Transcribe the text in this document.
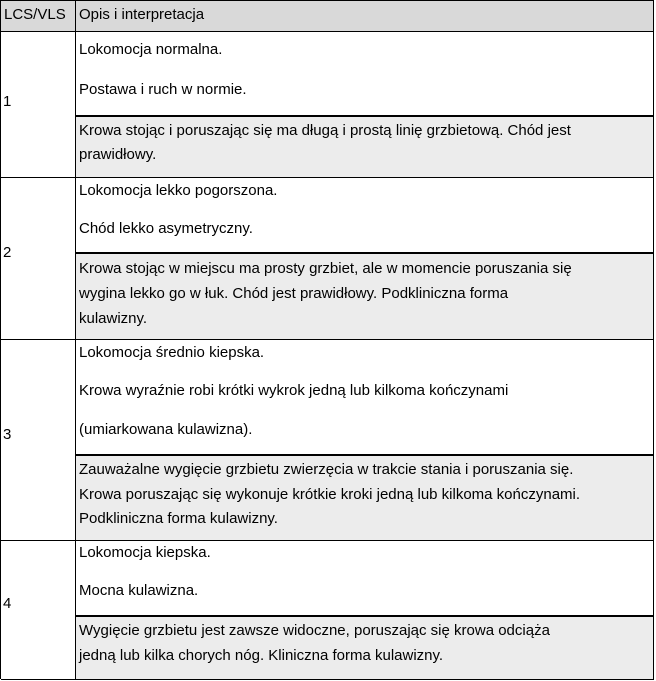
LCS/VLS Opis i interpretacja
1
Lokomocja normalna.
Postawa i ruch w normie.
Krowa stojąc i poruszając się ma długą i prostą linię grzbietową. Chód jest
prawidłowy.
2
Lokomocja lekko pogorszona.
Chód lekko asymetryczny.
Krowa stojąc w miejscu ma prosty grzbiet, ale w momencie poruszania się
wygina lekko go w łuk. Chód jest prawidłowy. Podkliniczna forma
kulawizny.
3
Lokomocja średnio kiepska.
Krowa wyraźnie robi krótki wykrok jedną lub kilkoma kończynami
(umiarkowana kulawizna).
Zauważalne wygięcie grzbietu zwierzęcia w trakcie stania i poruszania się.
Krowa poruszając się wykonuje krótkie kroki jedną lub kilkoma kończynami.
Podkliniczna forma kulawizny.
4
Lokomocja kiepska.
Mocna kulawizna.
Wygięcie grzbietu jest zawsze widoczne, poruszając się krowa odciąża
jedną lub kilka chorych nóg. Kliniczna forma kulawizny.
